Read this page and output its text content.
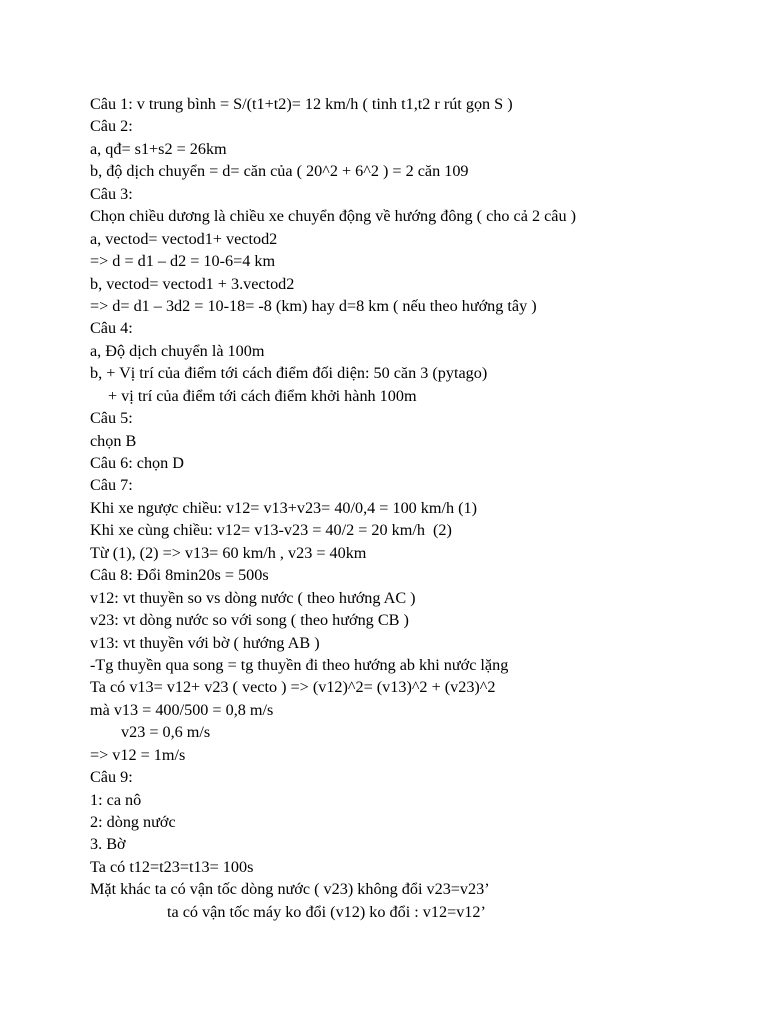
Câu 1: v trung bình = S/(t1+t2)= 12 km/h ( tinh t1,t2 r rút gọn S )
Câu 2:
a, qđ= s1+s2 = 26km
b, độ dịch chuyển = d= căn của ( 20^2 + 6^2 ) = 2 căn 109
Câu 3:
Chọn chiều dương là chiều xe chuyển động về hướng đông ( cho cả 2 câu )
a, vectod= vectod1+ vectod2
=> d = d1 – d2 = 10-6=4 km
b, vectod= vectod1 + 3.vectod2
=> d= d1 – 3d2 = 10-18= -8 (km) hay d=8 km ( nếu theo hướng tây )
Câu 4:
a, Độ dịch chuyển là 100m
b, + Vị trí của điểm tới cách điểm đối diện: 50 căn 3 (pytago)
+ vị trí của điểm tới cách điểm khởi hành 100m
Câu 5:
chọn B
Câu 6: chọn D
Câu 7:
Khi xe ngược chiều: v12= v13+v23= 40/0,4 = 100 km/h (1)
Khi xe cùng chiều: v12= v13-v23 = 40/2 = 20 km/h  (2)
Từ (1), (2) => v13= 60 km/h , v23 = 40km
Câu 8: Đổi 8min20s = 500s
v12: vt thuyền so vs dòng nước ( theo hướng AC )
v23: vt dòng nước so với song ( theo hướng CB )
v13: vt thuyền với bờ ( hướng AB )
-Tg thuyền qua song = tg thuyền đi theo hướng ab khi nước lặng
Ta có v13= v12+ v23 ( vecto ) => (v12)^2= (v13)^2 + (v23)^2
mà v13 = 400/500 = 0,8 m/s
v23 = 0,6 m/s
=> v12 = 1m/s
Câu 9:
1: ca nô
2: dòng nước
3. Bờ
Ta có t12=t23=t13= 100s
Mặt khác ta có vận tốc dòng nước ( v23) không đổi v23=v23’
ta có vận tốc máy ko đổi (v12) ko đổi : v12=v12’
